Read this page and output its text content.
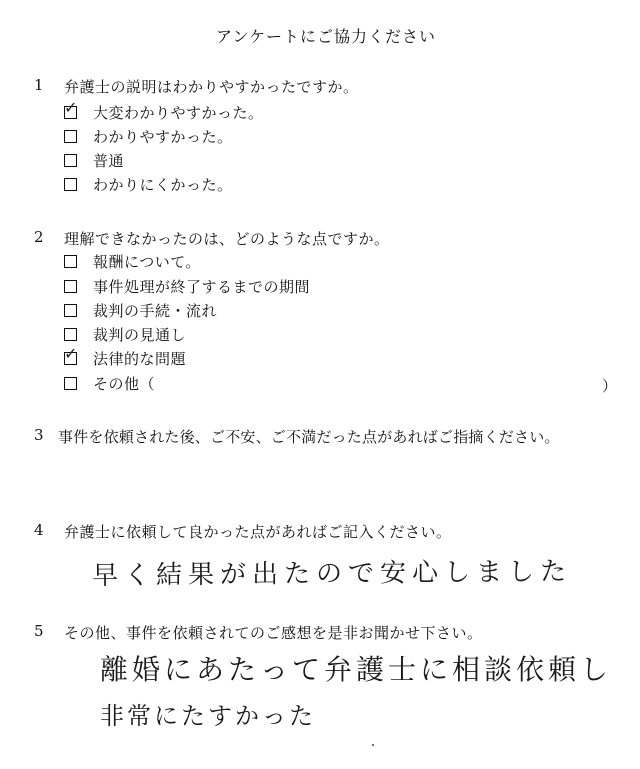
アンケートにご協力ください
1 弁護士の説明はわかりやすかったですか。
✓ 大変わかりやすかった。
わかりやすかった。
普通
わかりにくかった。
2 理解できなかったのは、どのような点ですか。
報酬について。
事件処理が終了するまでの期間
裁判の手続・流れ
裁判の見通し
✓ 法律的な問題
その他（	）
3 事件を依頼された後、ご不安、ご不満だった点があればご指摘ください。
4 弁護士に依頼して良かった点があればご記入ください。
早く結果が出たので安心しました
5 その他、事件を依頼されてのご感想を是非お聞かせ下さい。
離婚にあたって弁護士に相談依頼し
非常にたすかった
